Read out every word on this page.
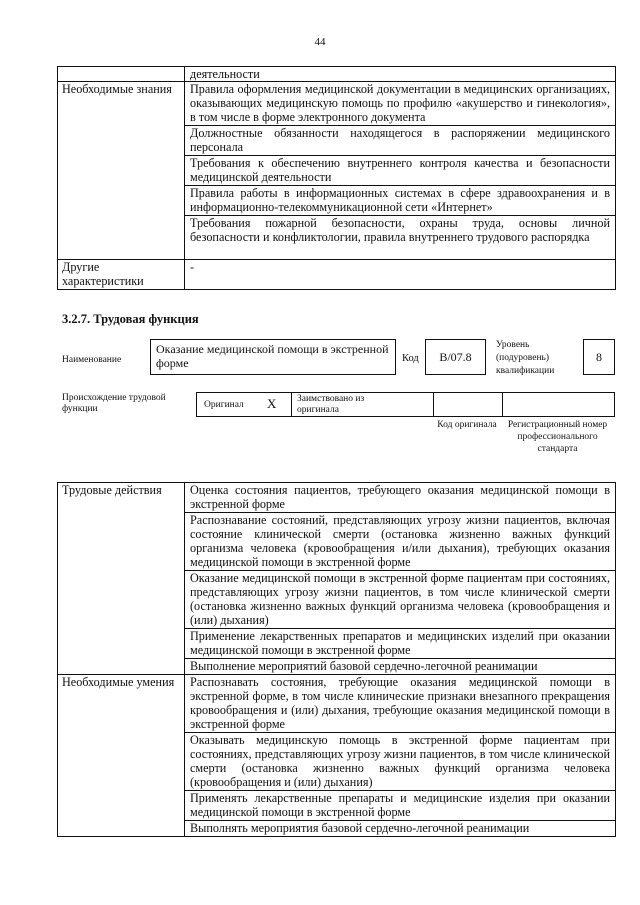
44
	деятельности
Необходимые знания	Правила оформления медицинской документации в медицинских организациях, оказывающих медицинскую помощь по профилю «акушерство и гинекология», в том числе в форме электронного документа
	Должностные обязанности находящегося в распоряжении медицинского персонала
	Требования к обеспечению внутреннего контроля качества и безопасности медицинской деятельности
	Правила работы в информационных системах в сфере здравоохранения и в информационно-телекоммуникационной сети «Интернет»
	Требования пожарной безопасности, охраны труда, основы личной безопасности и конфликтологии, правила внутреннего трудового распорядка
Другие характеристики	-
3.2.7. Трудовая функция
Наименование
Оказание медицинской помощи в экстренной форме	Код	B/07.8
Уровень (подуровень) квалификации
8
Происхождение трудовой функции	Оригинал X Заимствовано из оригинала
Код оригинала	Регистрационный номер профессионального стандарта
Трудовые действия	Оценка состояния пациентов, требующего оказания медицинской помощи в экстренной форме
	Распознавание состояний, представляющих угрозу жизни пациентов, включая состояние клинической смерти (остановка жизненно важных функций организма человека (кровообращения и/или дыхания), требующих оказания медицинской помощи в экстренной форме
	Оказание медицинской помощи в экстренной форме пациентам при состояниях, представляющих угрозу жизни пациентов, в том числе клинической смерти (остановка жизненно важных функций организма человека (кровообращения и (или) дыхания)
	Применение лекарственных препаратов и медицинских изделий при оказании медицинской помощи в экстренной форме
	Выполнение мероприятий базовой сердечно-легочной реанимации
Необходимые умения	Распознавать состояния, требующие оказания медицинской помощи в экстренной форме, в том числе клинические признаки внезапного прекращения кровообращения и (или) дыхания, требующие оказания медицинской помощи в экстренной форме
	Оказывать медицинскую помощь в экстренной форме пациентам при состояниях, представляющих угрозу жизни пациентов, в том числе клинической смерти (остановка жизненно важных функций организма человека (кровообращения и (или) дыхания)
	Применять лекарственные препараты и медицинские изделия при оказании медицинской помощи в экстренной форме
	Выполнять мероприятия базовой сердечно-легочной реанимации
